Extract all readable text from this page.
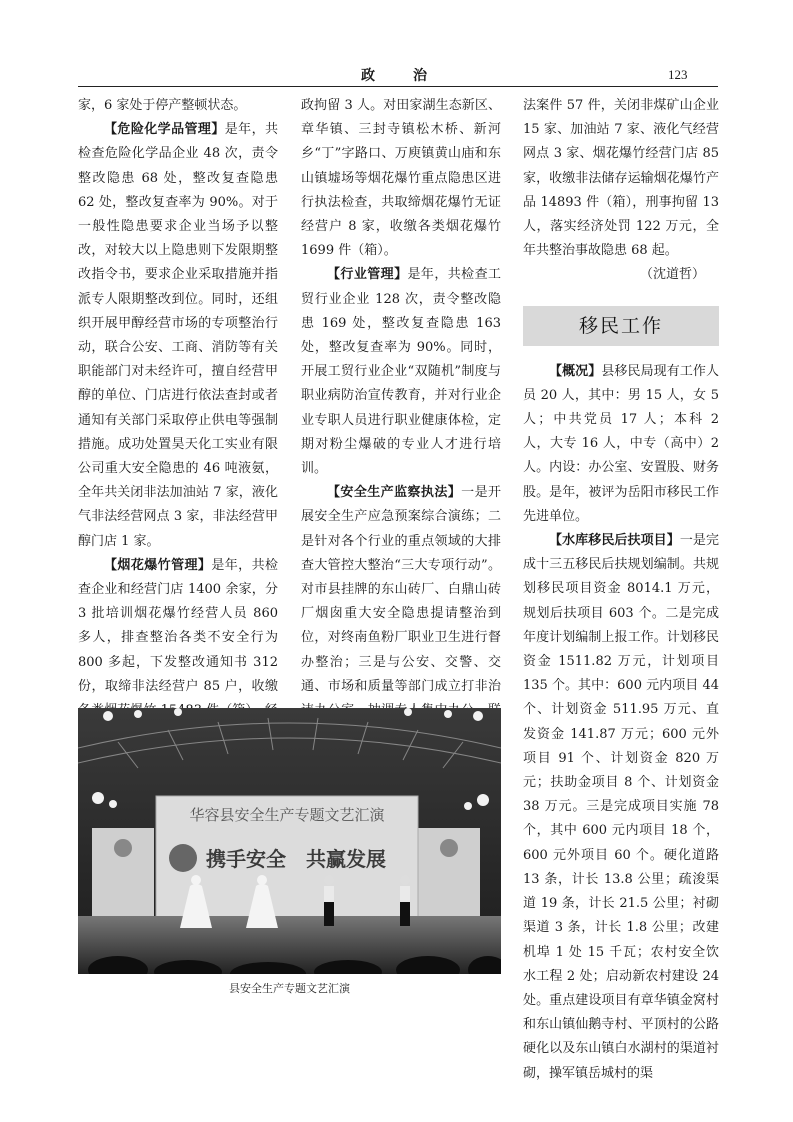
政　治	123

家，6 家处于停产整顿状态。

【危险化学品管理】是年，共检查危险化学品企业 48 次，责令整改隐患 68 处，整改复查隐患 62 处，整改复查率为 90%。对于一般性隐患要求企业当场予以整改，对较大以上隐患则下发限期整改指令书，要求企业采取措施并指派专人限期整改到位。同时，还组织开展甲醇经营市场的专项整治行动，联合公安、工商、消防等有关职能部门对未经许可，擅自经营甲醇的单位、门店进行依法查封或者通知有关部门采取停止供电等强制措施。成功处置昊天化工实业有限公司重大安全隐患的 46 吨液氨，全年共关闭非法加油站 7 家，液化气非法经营网点 3 家，非法经营甲醇门店 1 家。

【烟花爆竹管理】是年，共检查企业和经营门店 1400 余家，分 3 批培训烟花爆竹经营人员 860 多人，排查整治各类不安全行为 800 多起，下发整改通知书 312 份，取缔非法经营户 85 户，收缴

政拘留 3 人。对田家湖生态新区、章华镇、三封寺镇松木桥、新河乡“丁”字路口、万庾镇黄山庙和东山镇墟场等烟花爆竹重点隐患区进行执法检查，共取缔烟花爆竹无证经营户 8 家，收缴各类烟花爆竹 1699 件（箱）。

【行业管理】是年，共检查工贸行业企业 128 次，责令整改隐患 169 处，整改复查隐患 163 处，整改复查率为 90%。同时，开展工贸行业企业“双随机”制度与职业病防治宣传教育，并对行业企业专职人员进行职业健康体检，定期对粉尘爆破的专业人才进行培训。

【安全生产监察执法】一是开展安全生产应急预案综合演练；二是针对各个行业的重点领域的大排查大管控大整治“三大专项行动”。对市县挂牌的东山砖厂、白鼎山砖厂烟囱重大安全隐患提请整治到位，对终南鱼粉厂职业卫生进行督办整治；三是与公安、交警、交通、市场和质量等部门成立打非治

法案件 57 件，关闭非煤矿山企业 15 家、加油站 7 家、液化气经营网点 3 家、烟花爆竹经营门店 85 家，收缴非法储存运输烟花爆竹产品 14893 件（箱），刑事拘留 13 人，落实经济处罚 122 万元，全年共整治事故隐患 68 起。

（沈道哲）

移民工作

【概况】县移民局现有工作人员 20 人，其中：男 15 人，女 5 人；中共党员 17 人；本科 2 人，大专 16 人，中专（高中）2 人。内设：办公室、安置股、财务股。是年，被评为岳阳市移民工作先进单位。

【水库移民后扶项目】一是完成十三五移民后扶规划编制。共规划移民项目资金 8014.1 万元，规划后扶项目 603 个。二是完成年度计划编制上报工作。计划移民资金 1511.82 万元，计划项目 135 个。其中：600 元内项目 44 个、计划资金 511.95 万元、直发资金 141.87 万元；600 元外项目 91 个、计划资金 820 万元；扶助金项目 8 个、计划资金 38 万元。三是完成项目实施 78 个，其中 600 元内项目 18 个，600 元外项目 60 个。硬化道路 13 条，计长 13.8 公里；疏浚渠道 19 条，计长 21.5 公里；衬砌渠道 3 条，计长 1.8 公里；改建机埠 1 处 15 千瓦；农村安全饮水工程 2 处；启动新农村建设 24 处。重点建设项目有章华镇金窝村和东山镇仙鹅寺村、平顶村的公路硬化以及东山镇白水湖村的渠道衬砌，操军镇岳城村的渠

华容县安全生产专题文艺汇演
携手安全　共赢发展
县安全生产专题文艺汇演
